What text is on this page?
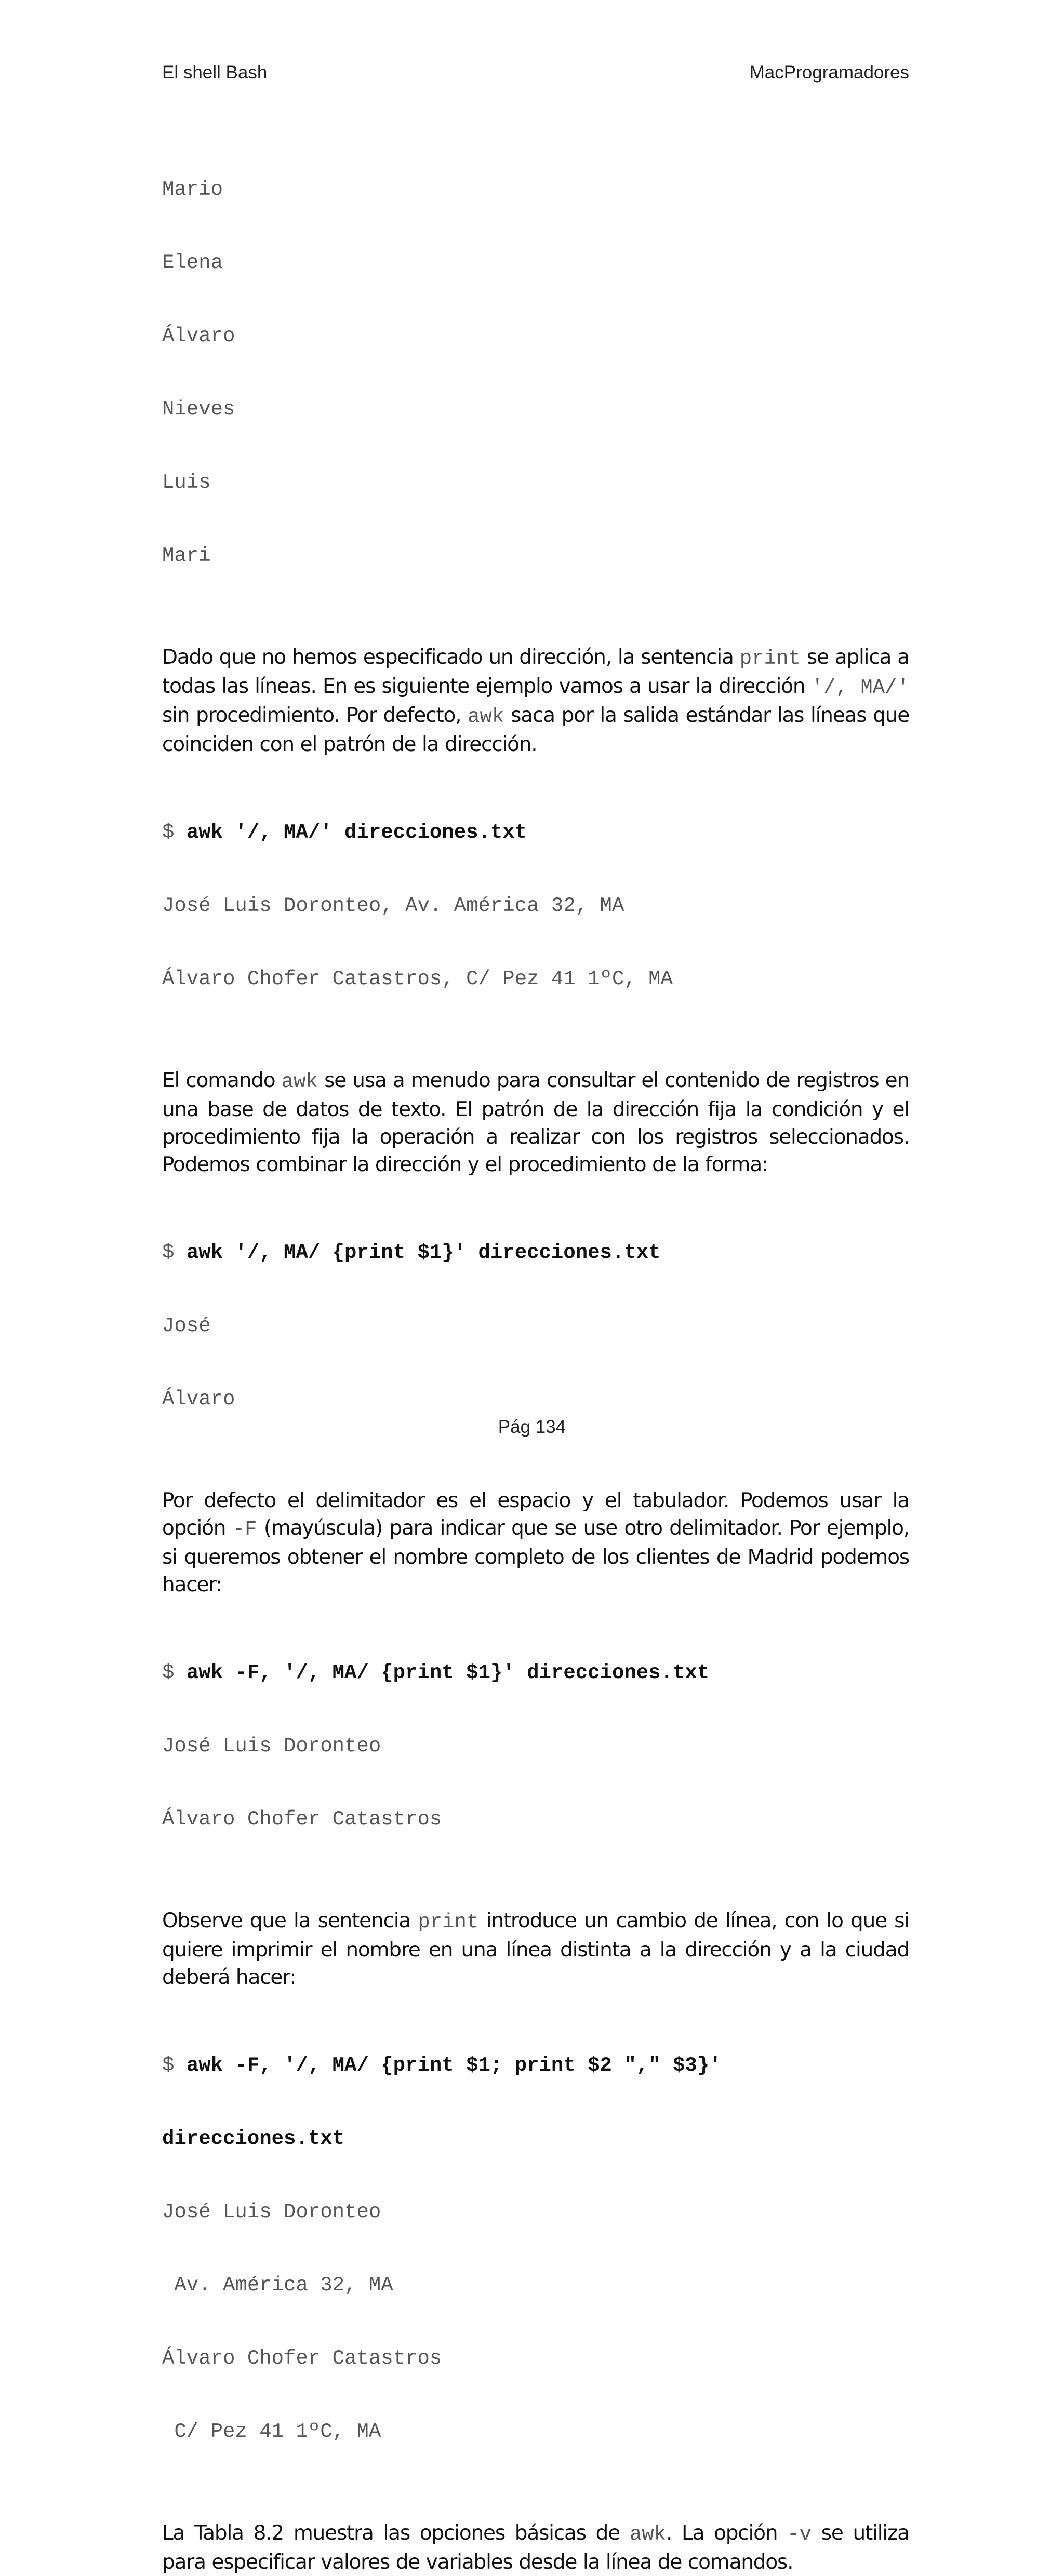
El shell Bash	MacProgramadores

Mario

Elena

Álvaro

Nieves

Luis

Mari

Dado que no hemos especificado un dirección, la sentencia print se aplica a todas las líneas. En es siguiente ejemplo vamos a usar la dirección '/, MA/' sin procedimiento. Por defecto, awk saca por la salida estándar las líneas que coinciden con el patrón de la dirección.

$ awk '/, MA/' direcciones.txt

José Luis Doronteo, Av. América 32, MA

Álvaro Chofer Catastros, C/ Pez 41 1ºC, MA

El comando awk se usa a menudo para consultar el contenido de registros en una base de datos de texto. El patrón de la dirección fija la condición y el procedimiento fija la operación a realizar con los registros seleccionados. Podemos combinar la dirección y el procedimiento de la forma:

$ awk '/, MA/ {print $1}' direcciones.txt

José

Álvaro

Por defecto el delimitador es el espacio y el tabulador. Podemos usar la opción -F (mayúscula) para indicar que se use otro delimitador. Por ejemplo, si queremos obtener el nombre completo de los clientes de Madrid podemos hacer:

$ awk -F, '/, MA/ {print $1}' direcciones.txt

José Luis Doronteo

Álvaro Chofer Catastros

Observe que la sentencia print introduce un cambio de línea, con lo que si quiere imprimir el nombre en una línea distinta a la dirección y a la ciudad deberá hacer:

$ awk -F, '/, MA/ {print $1; print $2 "," $3}'

direcciones.txt

José Luis Doronteo

Av. América 32, MA

Álvaro Chofer Catastros

C/ Pez 41 1ºC, MA

La Tabla 8.2 muestra las opciones básicas de awk. La opción -v se utiliza para especificar valores de variables desde la línea de comandos.

Pág 134
